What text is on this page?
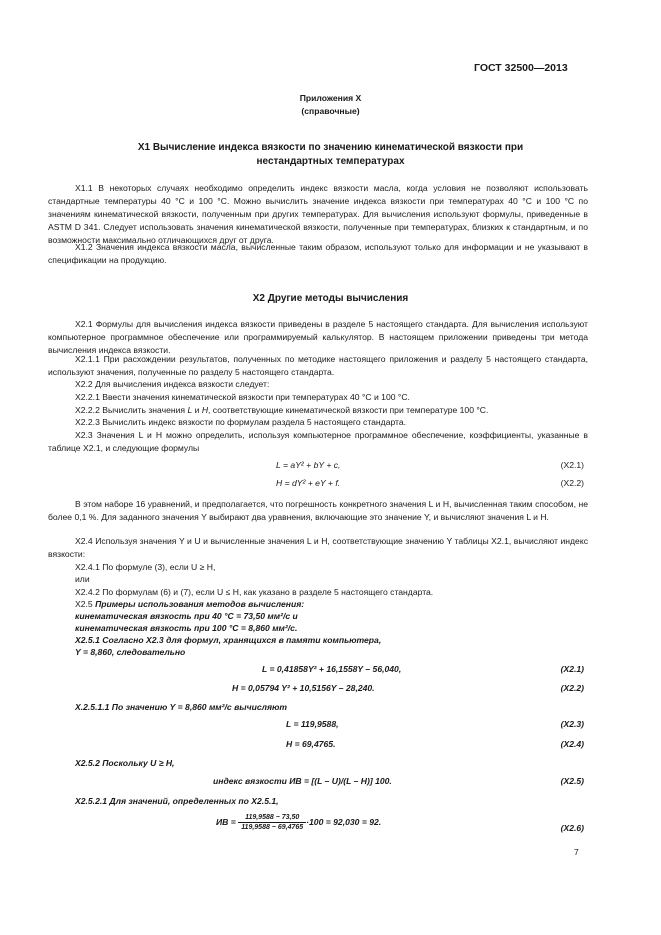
ГОСТ 32500—2013
Приложения Х
(справочные)
Х1 Вычисление индекса вязкости по значению кинематической вязкости при
нестандартных температурах
X1.1 В некоторых случаях необходимо определить индекс вязкости масла, когда условия не позволяют использовать стандартные температуры 40 °С и 100 °С. Можно вычислить значение индекса вязкости при температурах 40 °С и 100 °С по значениям кинематической вязкости, полученным при других температурах. Для вычисления используют формулы, приведенные в ASTM D 341. Следует использовать значения кинематической вязкости, полученные при температурах, близких к стандартным, и по возможности максимально отличающихся друг от друга.
X1.2 Значения индекса вязкости масла, вычисленные таким образом, используют только для информации и не указывают в спецификации на продукцию.
Х2 Другие методы вычисления
X2.1 Формулы для вычисления индекса вязкости приведены в разделе 5 настоящего стандарта. Для вычисления используют компьютерное программное обеспечение или программируемый калькулятор. В настоящем приложении приведены три метода вычисления индекса вязкости.
X2.1.1 При расхождении результатов, полученных по методике настоящего приложения и разделу 5 настоящего стандарта, используют значения, полученные по разделу 5 настоящего стандарта.
X2.2 Для вычисления индекса вязкости следует:
X2.2.1 Ввести значения кинематической вязкости при температурах 40 °С и 100 °С.
X2.2.2 Вычислить значения L и H, соответствующие кинематической вязкости при температуре 100 °С.
X2.2.3 Вычислить индекс вязкости по формулам раздела 5 настоящего стандарта.
X2.3 Значения L и H можно определить, используя компьютерное программное обеспечение, коэффициенты, указанные в таблице X2.1, и следующие формулы
L = aY² + bY + c,	(X2.1)
H = dY² + eY + f.	(X2.2)
В этом наборе 16 уравнений, и предполагается, что погрешность конкретного значения L и H, вычисленная таким способом, не более 0,1 %. Для заданного значения Y выбирают два уравнения, включающие это значение Y, и вычисляют значения L и H.
X2.4 Используя значения Y и U и вычисленные значения L и H, соответствующие значению Y таблицы X2.1, вычисляют индекс вязкости:
X2.4.1 По формуле (3), если U ≥ H,
или
X2.4.2 По формулам (6) и (7), если U ≤ H, как указано в разделе 5 настоящего стандарта.
X2.5 Примеры использования методов вычисления:
кинематическая вязкость при 40 °С = 73,50 мм²/с и
кинематическая вязкость при 100 °С = 8,860 мм²/с.
X2.5.1 Согласно X2.3 для формул, хранящихся в памяти компьютера,
Y = 8,860, следовательно
L = 0,41858Y² + 16,1558Y – 56,040,	(X2.1)
H = 0,05794 Y² + 10,5156Y – 28,240.	(X2.2)
X.2.5.1.1 По значению Y = 8,860 мм²/с вычисляют
L = 119,9588,	(X2.3)
H = 69,4765.	(X2.4)
X2.5.2 Поскольку U ≥ H,
индекс вязкости ИВ = [(L – U)/(L – H)] 100.	(X2.5)
X2.5.2.1 Для значений, определенных по X2.5.1,
ИВ = $\frac{119,9588 - 73,50}{119,9588 - 69,4765} \cdot 100 = 92,030 = 92$.
(X2.6)
7
